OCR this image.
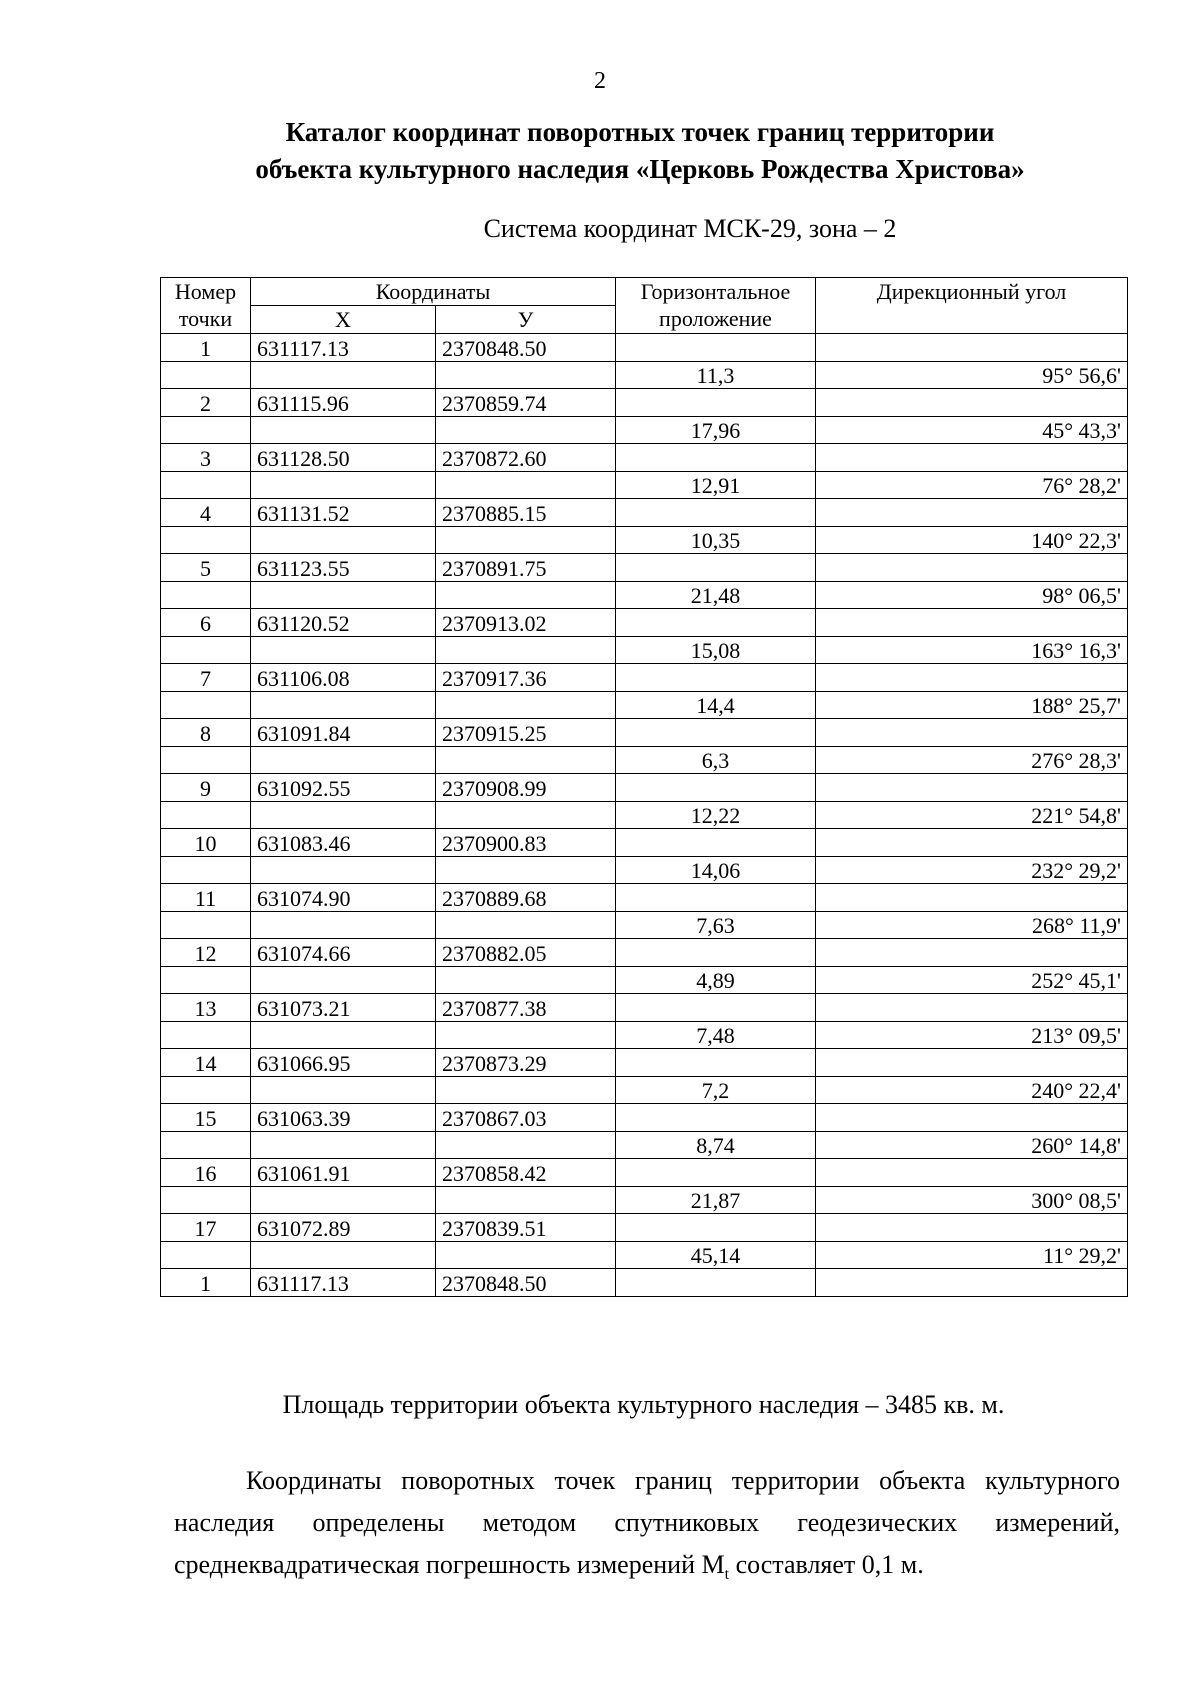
2
Каталог координат поворотных точек границ территории
объекта культурного наследия «Церковь Рождества Христова»
Система координат МСК-29, зона – 2
Номер точки	Координаты		Горизонтальное проложение	Дирекционный угол
	X	У		
1	631117.13	2370848.50		
			11,3	95° 56,6'
2	631115.96	2370859.74		
			17,96	45° 43,3'
3	631128.50	2370872.60		
			12,91	76° 28,2'
4	631131.52	2370885.15		
			10,35	140° 22,3'
5	631123.55	2370891.75		
			21,48	98° 06,5'
6	631120.52	2370913.02		
			15,08	163° 16,3'
7	631106.08	2370917.36		
			14,4	188° 25,7'
8	631091.84	2370915.25		
			6,3	276° 28,3'
9	631092.55	2370908.99		
			12,22	221° 54,8'
10	631083.46	2370900.83		
			14,06	232° 29,2'
11	631074.90	2370889.68		
			7,63	268° 11,9'
12	631074.66	2370882.05		
			4,89	252° 45,1'
13	631073.21	2370877.38		
			7,48	213° 09,5'
14	631066.95	2370873.29		
			7,2	240° 22,4'
15	631063.39	2370867.03		
			8,74	260° 14,8'
16	631061.91	2370858.42		
			21,87	300° 08,5'
17	631072.89	2370839.51		
			45,14	11° 29,2'
1	631117.13	2370848.50		
Площадь территории объекта культурного наследия – 3485 кв. м.
Координаты поворотных точек границ территории объекта культурного наследия определены методом спутниковых геодезических измерений, среднеквадратическая погрешность измерений $М_t$ составляет 0,1 м.
